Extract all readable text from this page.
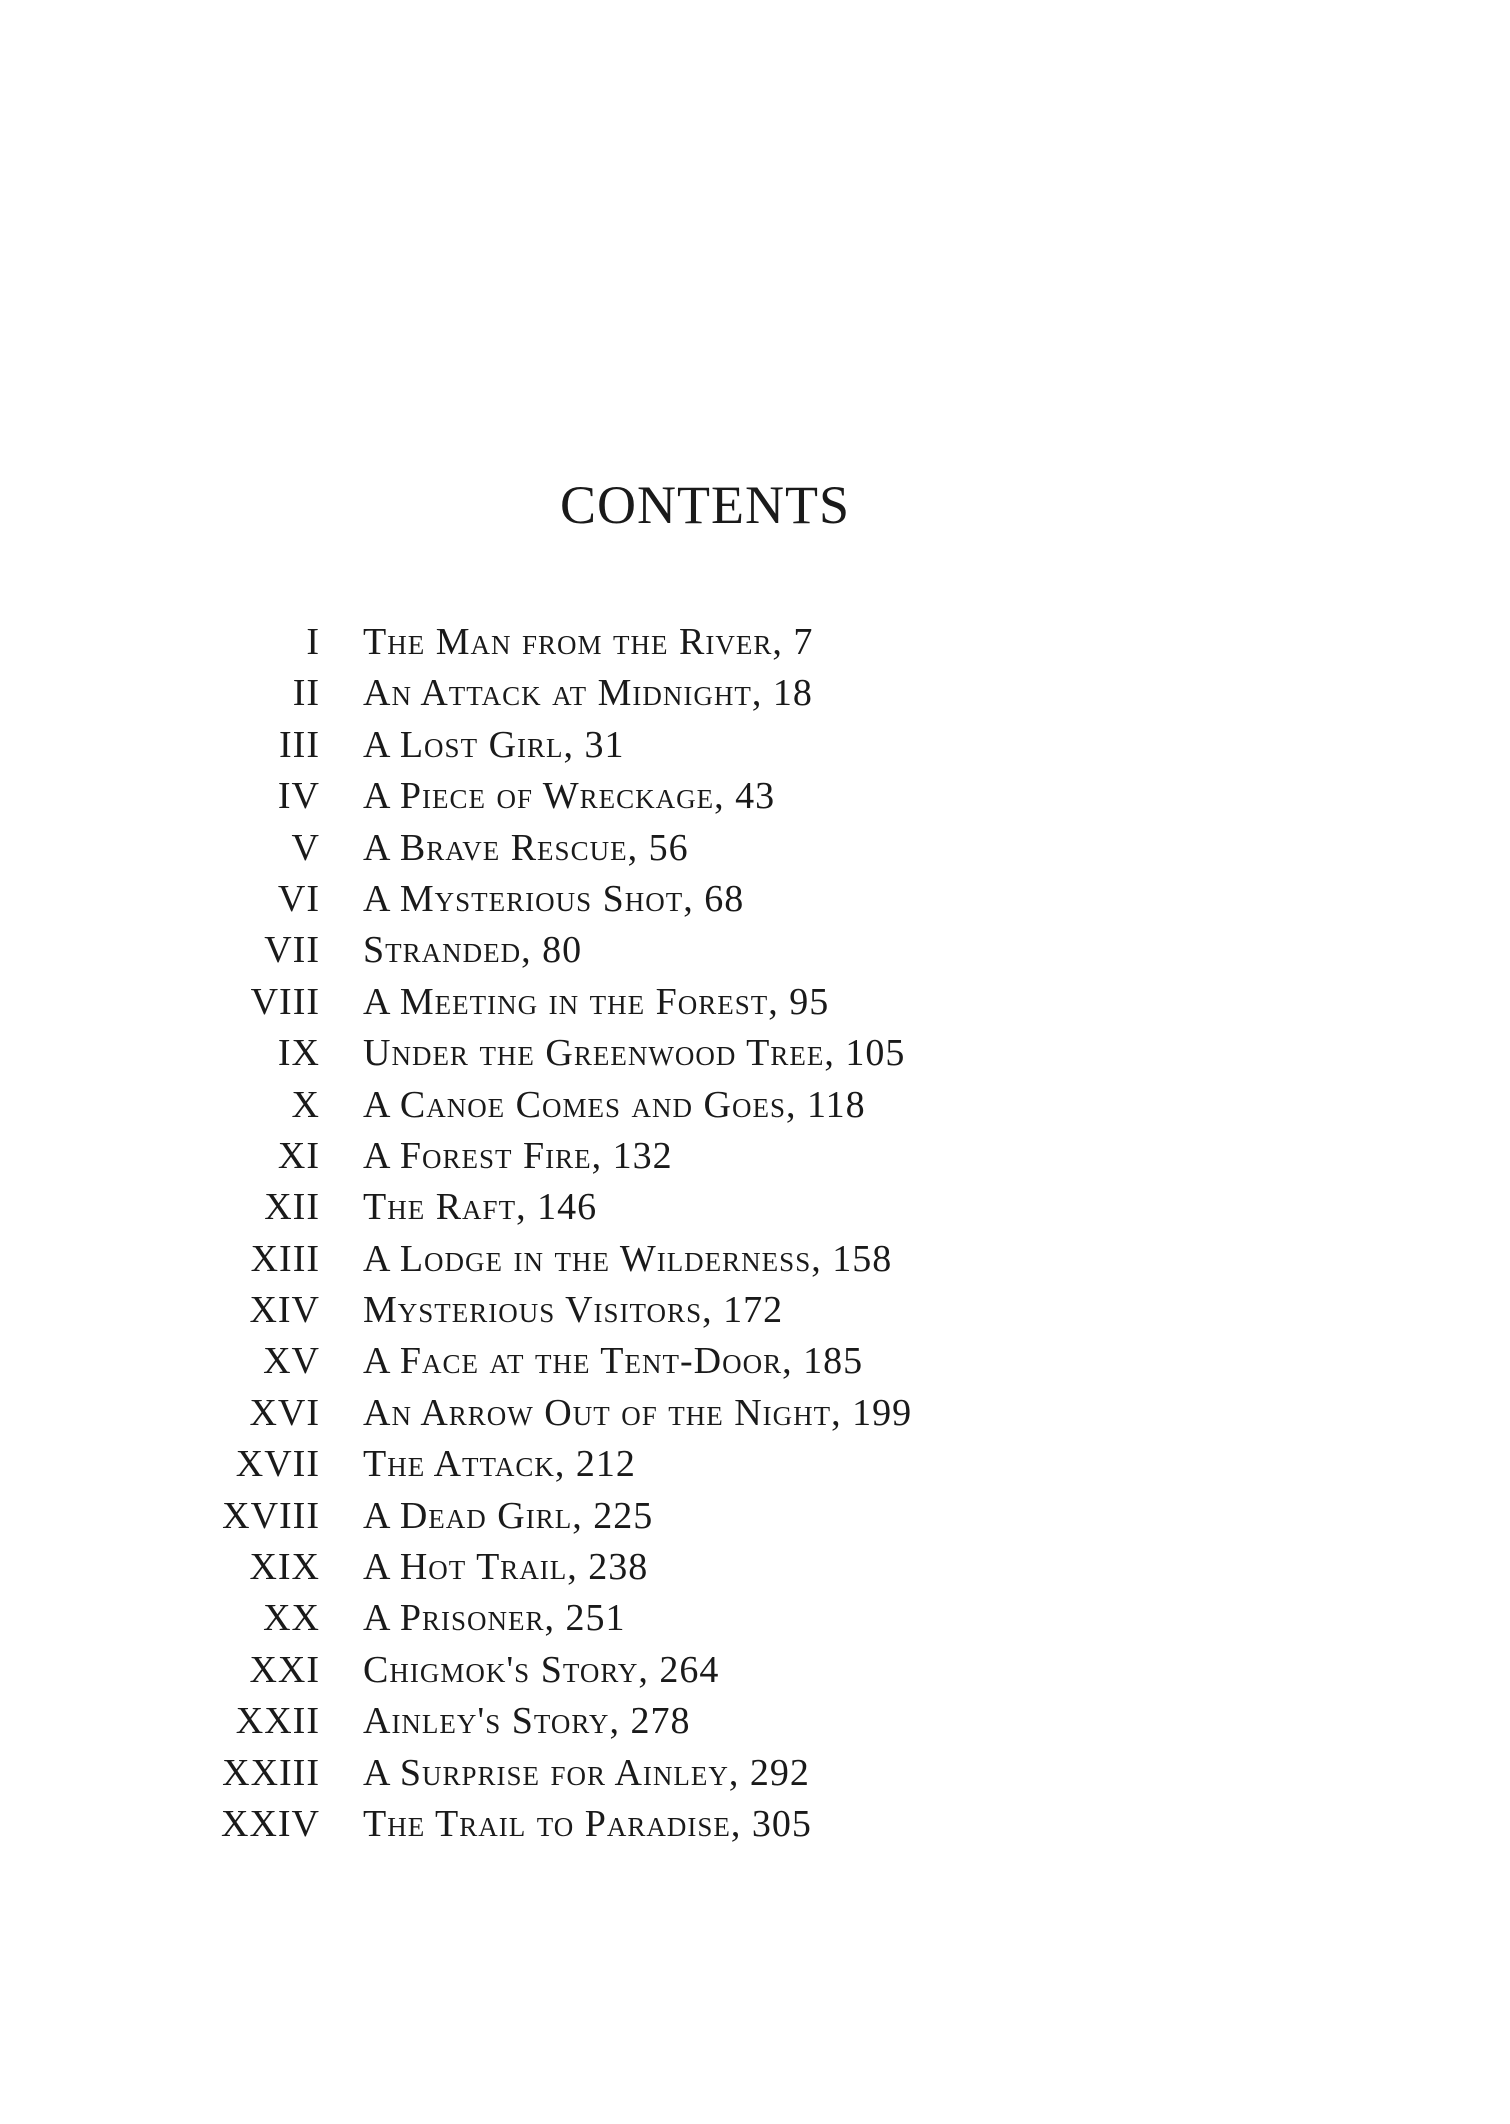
CONTENTS
I The Man from the River, 7
II An Attack at Midnight, 18
III A Lost Girl, 31
IV A Piece of Wreckage, 43
V A Brave Rescue, 56
VI A Mysterious Shot, 68
VII Stranded, 80
VIII A Meeting in the Forest, 95
IX Under the Greenwood Tree, 105
X A Canoe Comes and Goes, 118
XI A Forest Fire, 132
XII The Raft, 146
XIII A Lodge in the Wilderness, 158
XIV Mysterious Visitors, 172
XV A Face at the Tent-Door, 185
XVI An Arrow Out of the Night, 199
XVII The Attack, 212
XVIII A Dead Girl, 225
XIX A Hot Trail, 238
XX A Prisoner, 251
XXI Chigmok's Story, 264
XXII Ainley's Story, 278
XXIII A Surprise for Ainley, 292
XXIV The Trail to Paradise, 305
